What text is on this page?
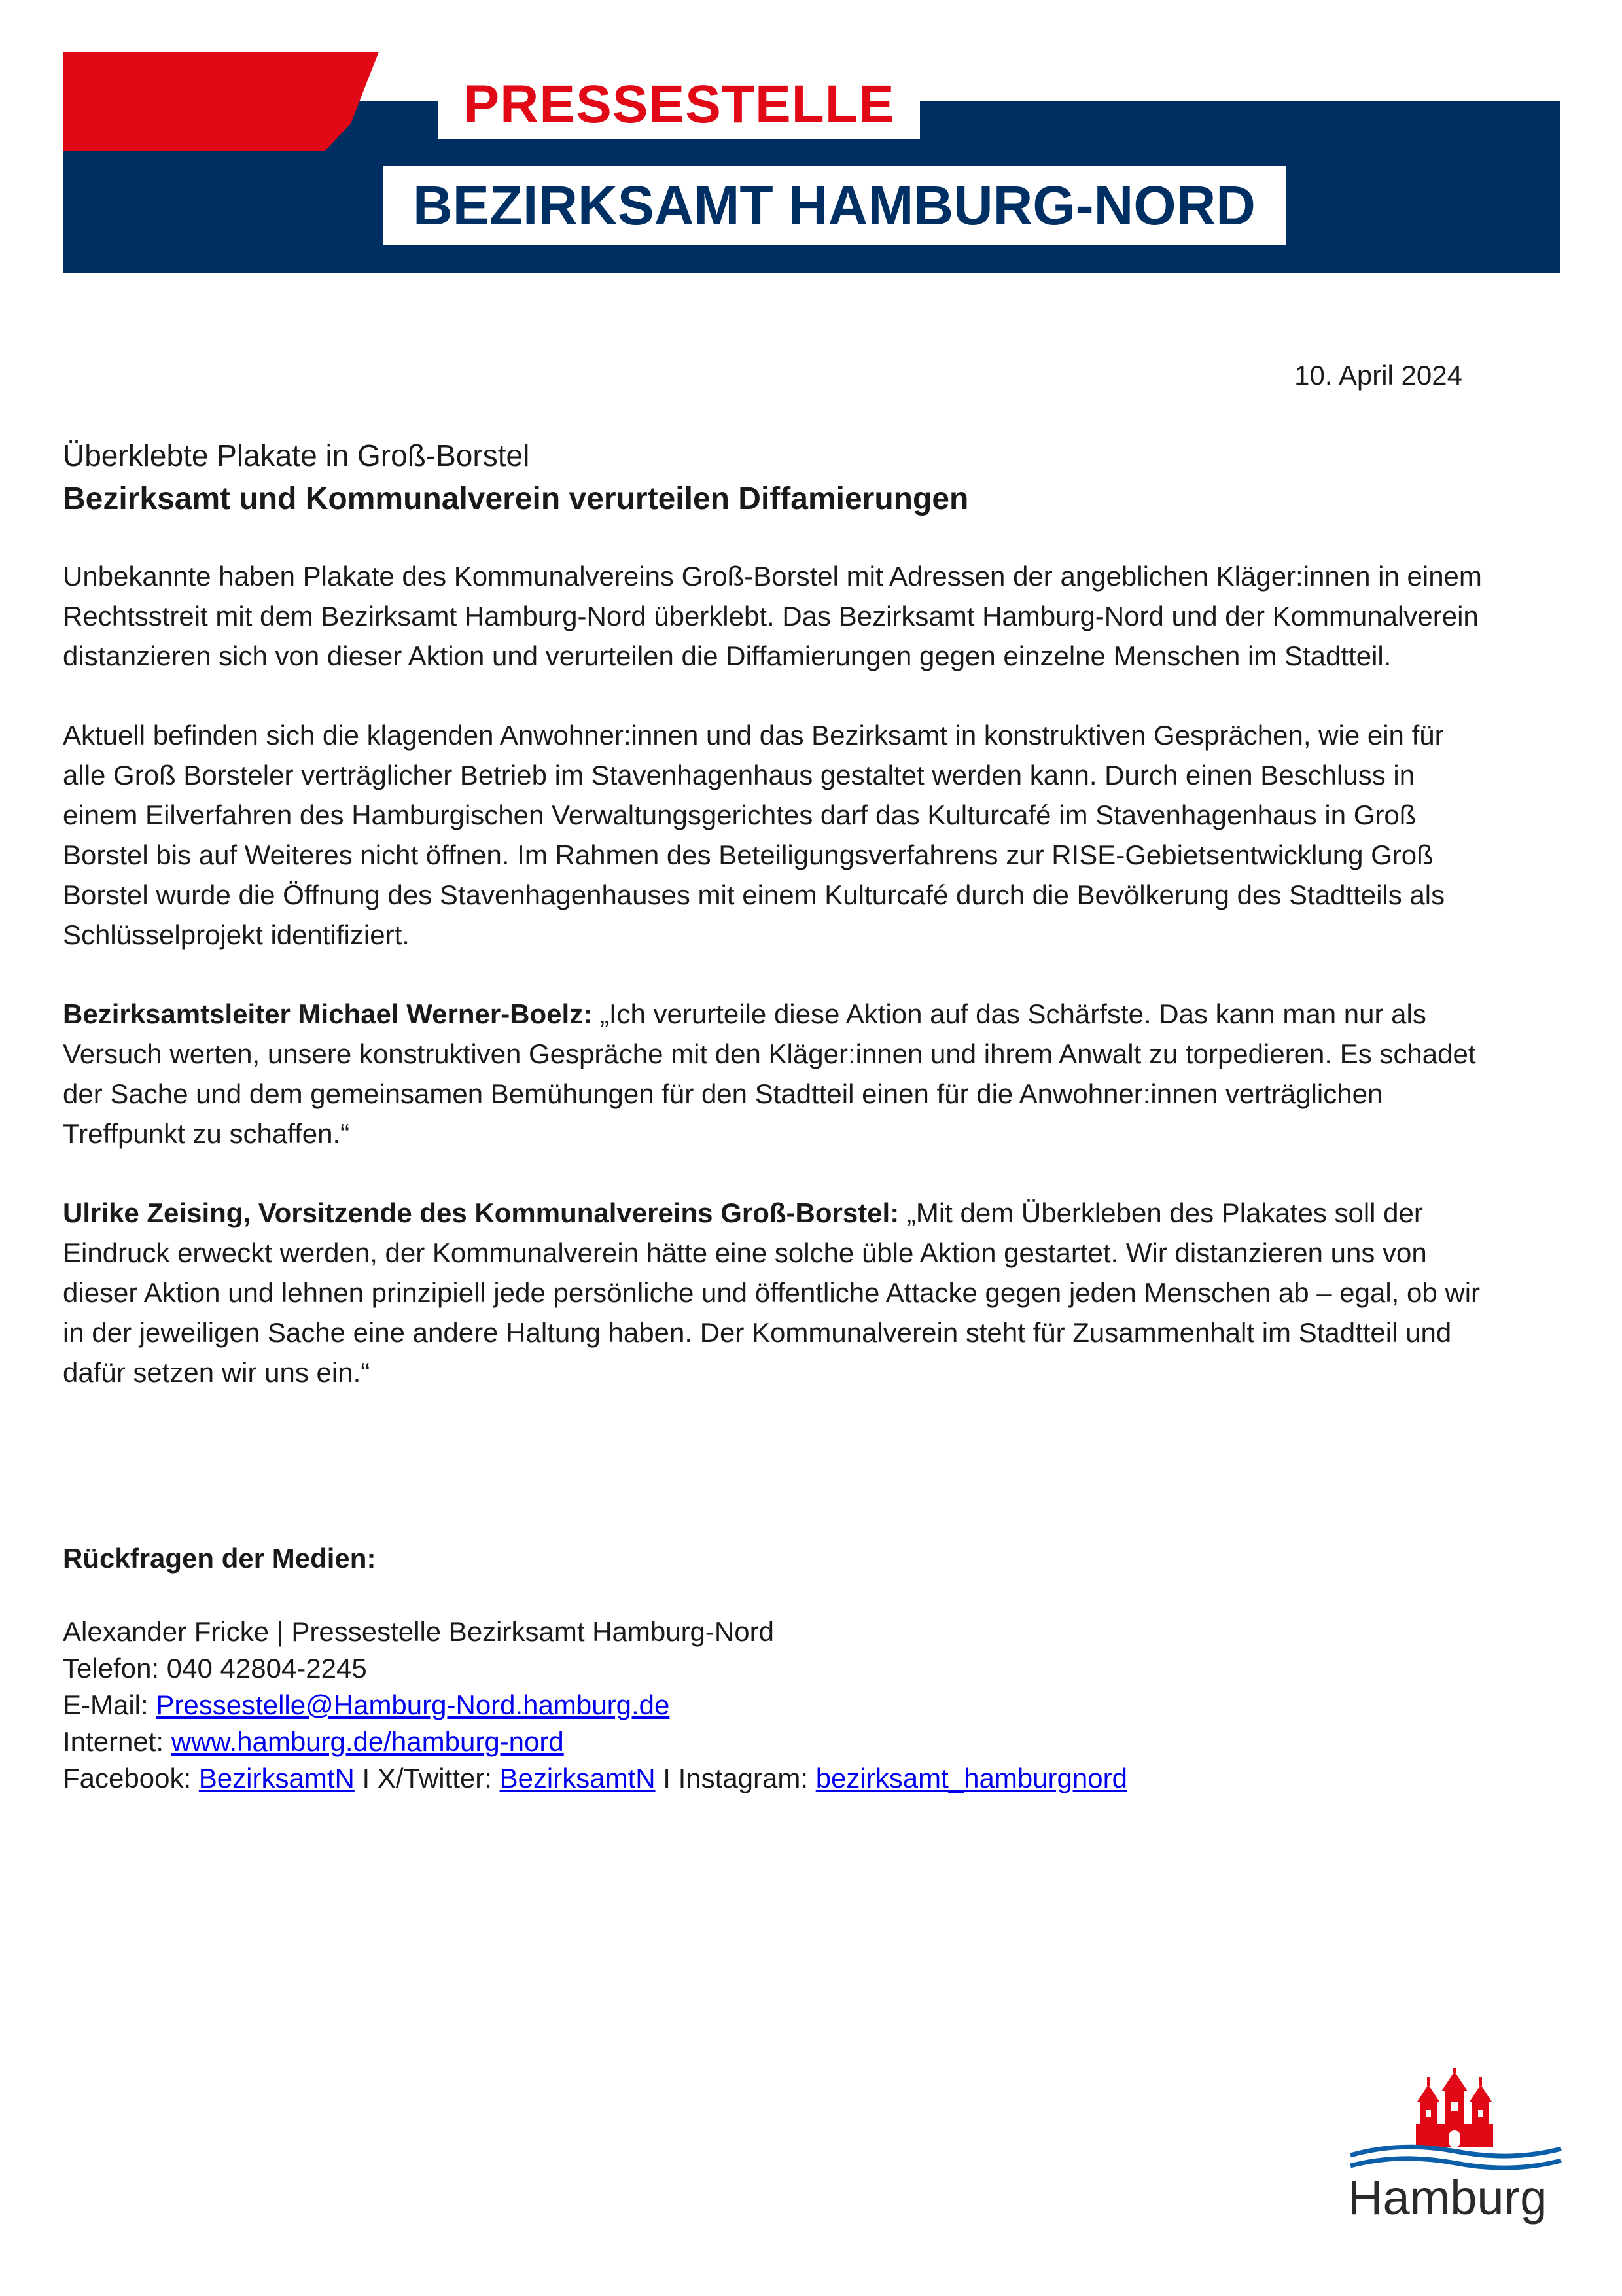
PRESSESTELLE
BEZIRKSAMT HAMBURG-NORD
10. April 2024
Überklebte Plakate in Groß-Borstel
Bezirksamt und Kommunalverein verurteilen Diffamierungen

Unbekannte haben Plakate des Kommunalvereins Groß-Borstel mit Adressen der angeblichen Kläger:innen in einem Rechtsstreit mit dem Bezirksamt Hamburg-Nord überklebt. Das Bezirksamt Hamburg-Nord und der Kommunalverein distanzieren sich von dieser Aktion und verurteilen die Diffamierungen gegen einzelne Menschen im Stadtteil.

Aktuell befinden sich die klagenden Anwohner:innen und das Bezirksamt in konstruktiven Gesprächen, wie ein für alle Groß Borsteler verträglicher Betrieb im Stavenhagenhaus gestaltet werden kann. Durch einen Beschluss in einem Eilverfahren des Hamburgischen Verwaltungsgerichtes darf das Kulturcafé im Stavenhagenhaus in Groß Borstel bis auf Weiteres nicht öffnen. Im Rahmen des Beteiligungsverfahrens zur RISE-Gebietsentwicklung Groß Borstel wurde die Öffnung des Stavenhagenhauses mit einem Kulturcafé durch die Bevölkerung des Stadtteils als Schlüsselprojekt identifiziert.

Bezirksamtsleiter Michael Werner-Boelz: „Ich verurteile diese Aktion auf das Schärfste. Das kann man nur als Versuch werten, unsere konstruktiven Gespräche mit den Kläger:innen und ihrem Anwalt zu torpedieren. Es schadet der Sache und dem gemeinsamen Bemühungen für den Stadtteil einen für die Anwohner:innen verträglichen Treffpunkt zu schaffen.“

Ulrike Zeising, Vorsitzende des Kommunalvereins Groß-Borstel: „Mit dem Überkleben des Plakates soll der Eindruck erweckt werden, der Kommunalverein hätte eine solche üble Aktion gestartet. Wir distanzieren uns von dieser Aktion und lehnen prinzipiell jede persönliche und öffentliche Attacke gegen jeden Menschen ab – egal, ob wir in der jeweiligen Sache eine andere Haltung haben. Der Kommunalverein steht für Zusammenhalt im Stadtteil und dafür setzen wir uns ein.“

Rückfragen der Medien:

Alexander Fricke | Pressestelle Bezirksamt Hamburg-Nord

Telefon: 040 42804-2245

E-Mail: Pressestelle@Hamburg-Nord.hamburg.de

Internet: www.hamburg.de/hamburg-nord

Facebook: BezirksamtN I X/Twitter: BezirksamtN I Instagram: bezirksamt_hamburgnord

Hamburg
